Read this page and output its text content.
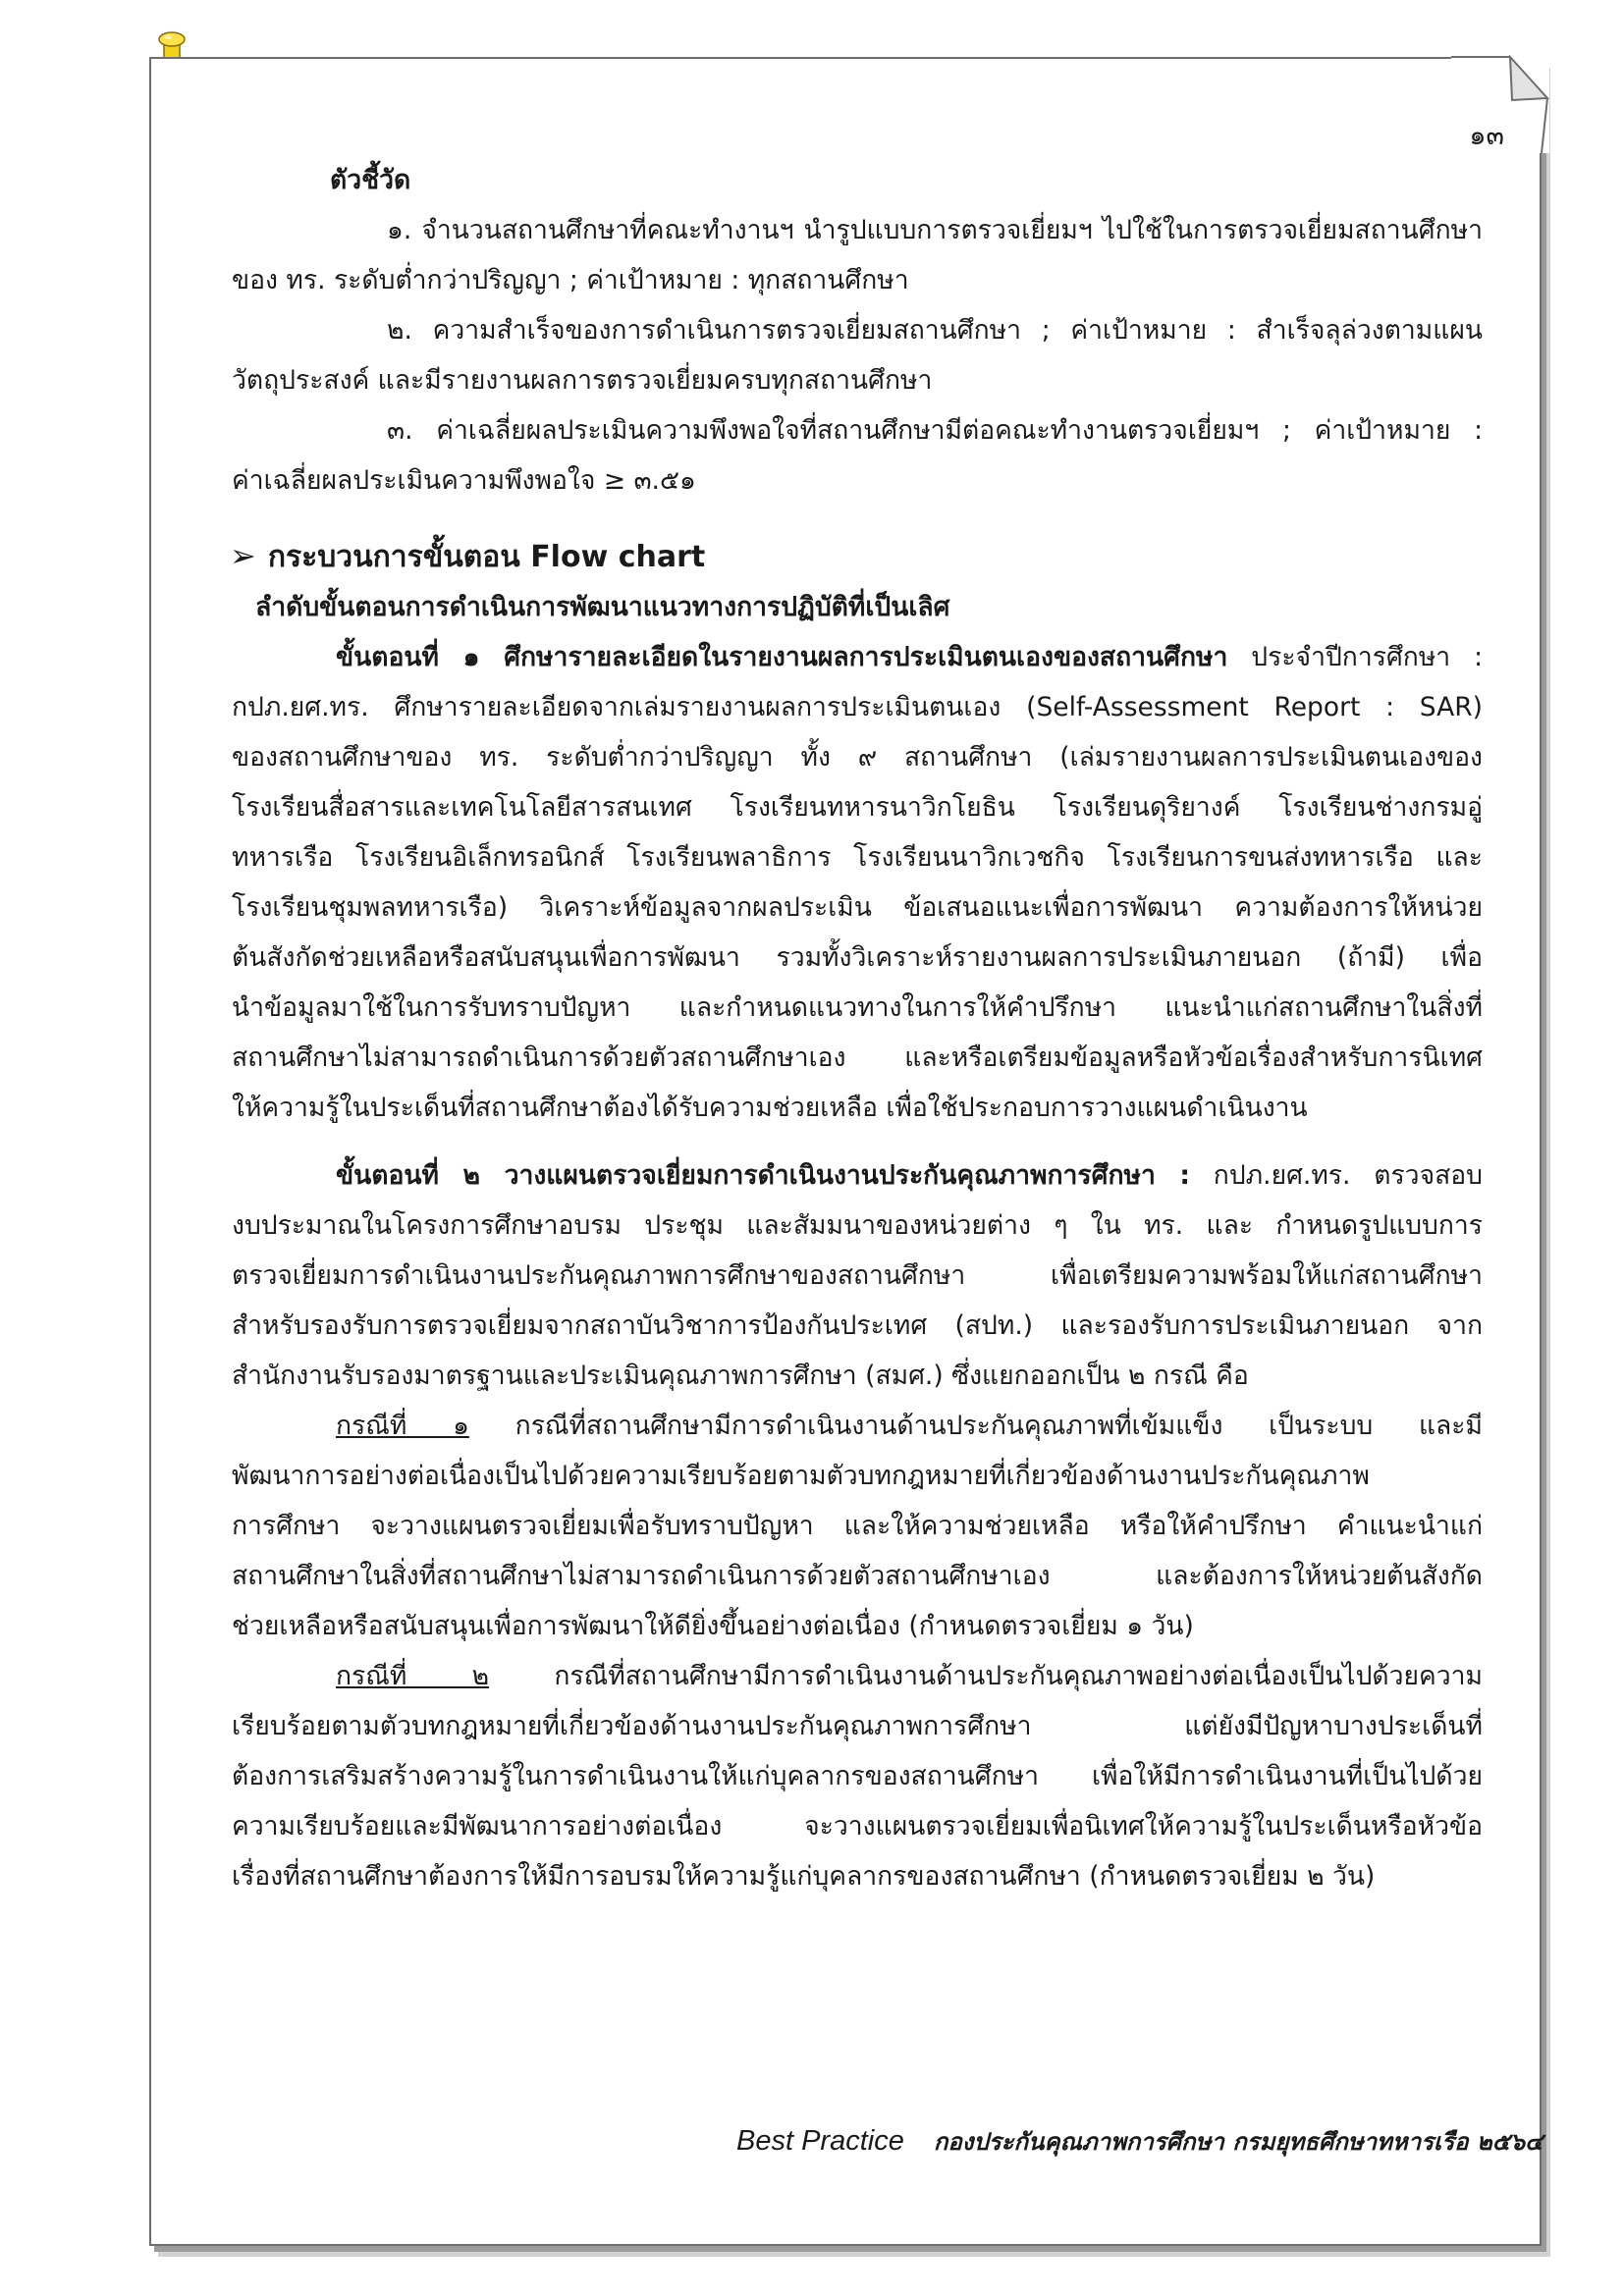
๑๓
ตัวชี้วัด
๑. จำนวนสถานศึกษาที่คณะทำงานฯ นำรูปแบบการตรวจเยี่ยมฯ ไปใช้ในการตรวจเยี่ยมสถานศึกษา
ของ ทร. ระดับต่ำกว่าปริญญา ; ค่าเป้าหมาย : ทุกสถานศึกษา
๒. ความสำเร็จของการดำเนินการตรวจเยี่ยมสถานศึกษา ; ค่าเป้าหมาย : สำเร็จลุล่วงตามแผน
วัตถุประสงค์ และมีรายงานผลการตรวจเยี่ยมครบทุกสถานศึกษา
๓. ค่าเฉลี่ยผลประเมินความพึงพอใจที่สถานศึกษามีต่อคณะทำงานตรวจเยี่ยมฯ ; ค่าเป้าหมาย :
ค่าเฉลี่ยผลประเมินความพึงพอใจ ≥ ๓.๕๑
➢ กระบวนการขั้นตอน Flow chart
ลำดับขั้นตอนการดำเนินการพัฒนาแนวทางการปฏิบัติที่เป็นเลิศ
ขั้นตอนที่ ๑ ศึกษารายละเอียดในรายงานผลการประเมินตนเองของสถานศึกษา ประจำปีการศึกษา :
กปภ.ยศ.ทร. ศึกษารายละเอียดจากเล่มรายงานผลการประเมินตนเอง (Self-Assessment Report : SAR)
ของสถานศึกษาของ ทร. ระดับต่ำกว่าปริญญา ทั้ง ๙ สถานศึกษา (เล่มรายงานผลการประเมินตนเองของ
โรงเรียนสื่อสารและเทคโนโลยีสารสนเทศ โรงเรียนทหารนาวิกโยธิน โรงเรียนดุริยางค์ โรงเรียนช่างกรมอู่
ทหารเรือ โรงเรียนอิเล็กทรอนิกส์ โรงเรียนพลาธิการ โรงเรียนนาวิกเวชกิจ โรงเรียนการขนส่งทหารเรือ และ
โรงเรียนชุมพลทหารเรือ) วิเคราะห์ข้อมูลจากผลประเมิน ข้อเสนอแนะเพื่อการพัฒนา ความต้องการให้หน่วย
ต้นสังกัดช่วยเหลือหรือสนับสนุนเพื่อการพัฒนา รวมทั้งวิเคราะห์รายงานผลการประเมินภายนอก (ถ้ามี) เพื่อ
นำข้อมูลมาใช้ในการรับทราบปัญหา และกำหนดแนวทางในการให้คำปรึกษา แนะนำแก่สถานศึกษาในสิ่งที่
สถานศึกษาไม่สามารถดำเนินการด้วยตัวสถานศึกษาเอง และหรือเตรียมข้อมูลหรือหัวข้อเรื่องสำหรับการนิเทศ
ให้ความรู้ในประเด็นที่สถานศึกษาต้องได้รับความช่วยเหลือ เพื่อใช้ประกอบการวางแผนดำเนินงาน
ขั้นตอนที่ ๒ วางแผนตรวจเยี่ยมการดำเนินงานประกันคุณภาพการศึกษา : กปภ.ยศ.ทร. ตรวจสอบ
งบประมาณในโครงการศึกษาอบรม ประชุม และสัมมนาของหน่วยต่าง ๆ ใน ทร. และ กำหนดรูปแบบการ
ตรวจเยี่ยมการดำเนินงานประกันคุณภาพการศึกษาของสถานศึกษา เพื่อเตรียมความพร้อมให้แก่สถานศึกษา
สำหรับรองรับการตรวจเยี่ยมจากสถาบันวิชาการป้องกันประเทศ (สปท.) และรองรับการประเมินภายนอก จาก
สำนักงานรับรองมาตรฐานและประเมินคุณภาพการศึกษา (สมศ.) ซึ่งแยกออกเป็น ๒ กรณี คือ
กรณีที่ ๑ กรณีที่สถานศึกษามีการดำเนินงานด้านประกันคุณภาพที่เข้มแข็ง เป็นระบบ และมี
พัฒนาการอย่างต่อเนื่องเป็นไปด้วยความเรียบร้อยตามตัวบทกฎหมายที่เกี่ยวข้องด้านงานประกันคุณภาพ
การศึกษา จะวางแผนตรวจเยี่ยมเพื่อรับทราบปัญหา และให้ความช่วยเหลือ หรือให้คำปรึกษา คำแนะนำแก่
สถานศึกษาในสิ่งที่สถานศึกษาไม่สามารถดำเนินการด้วยตัวสถานศึกษาเอง และต้องการให้หน่วยต้นสังกัด
ช่วยเหลือหรือสนับสนุนเพื่อการพัฒนาให้ดียิ่งขึ้นอย่างต่อเนื่อง (กำหนดตรวจเยี่ยม ๑ วัน)
กรณีที่ ๒ กรณีที่สถานศึกษามีการดำเนินงานด้านประกันคุณภาพอย่างต่อเนื่องเป็นไปด้วยความ
เรียบร้อยตามตัวบทกฎหมายที่เกี่ยวข้องด้านงานประกันคุณภาพการศึกษา แต่ยังมีปัญหาบางประเด็นที่
ต้องการเสริมสร้างความรู้ในการดำเนินงานให้แก่บุคลากรของสถานศึกษา เพื่อให้มีการดำเนินงานที่เป็นไปด้วย
ความเรียบร้อยและมีพัฒนาการอย่างต่อเนื่อง จะวางแผนตรวจเยี่ยมเพื่อนิเทศให้ความรู้ในประเด็นหรือหัวข้อ
เรื่องที่สถานศึกษาต้องการให้มีการอบรมให้ความรู้แก่บุคลากรของสถานศึกษา (กำหนดตรวจเยี่ยม ๒ วัน)
Best Practice กองประกันคุณภาพการศึกษา กรมยุทธศึกษาทหารเรือ ๒๕๖๔
